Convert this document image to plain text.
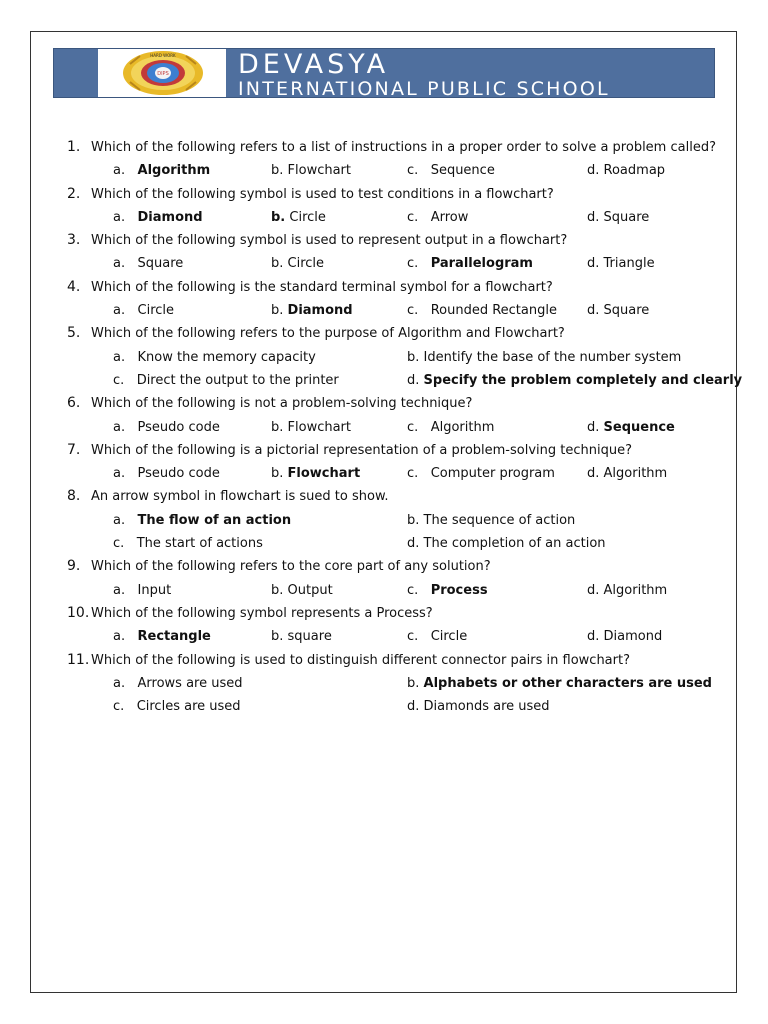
HARD WORK
DIPS	DEVASYA
INTERNATIONAL PUBLIC SCHOOL
1. Which of the following refers to a list of instructions in a proper order to solve a problem called?
a. Algorithm	b. Flowchart	c. Sequence	d. Roadmap
2. Which of the following symbol is used to test conditions in a flowchart?
a. Diamond	b. Circle	c. Arrow	d. Square
3. Which of the following symbol is used to represent output in a flowchart?
a. Square	b. Circle	c. Parallelogram	d. Triangle
4. Which of the following is the standard terminal symbol for a flowchart?
a. Circle	b. Diamond	c. Rounded Rectangle d. Square
5. Which of the following refers to the purpose of Algorithm and Flowchart?
a. Know the memory capacity	b. Identify the base of the number system
c. Direct the output to the printer	d. Specify the problem completely and clearly
6. Which of the following is not a problem-solving technique?
a. Pseudo code	b. Flowchart	c. Algorithm	d. Sequence
7. Which of the following is a pictorial representation of a problem-solving technique?
a. Pseudo code	b. Flowchart	c. Computer program d. Algorithm
8. An arrow symbol in flowchart is sued to show.
a. The flow of an action	b. The sequence of action
c. The start of actions	d. The completion of an action
9. Which of the following refers to the core part of any solution?
a. Input	b. Output	c. Process	d. Algorithm
10. Which of the following symbol represents a Process?
a. Rectangle	b. square	c. Circle	d. Diamond
11. Which of the following is used to distinguish different connector pairs in flowchart?
a. Arrows are used	b. Alphabets or other characters are used
c. Circles are used	d. Diamonds are used
